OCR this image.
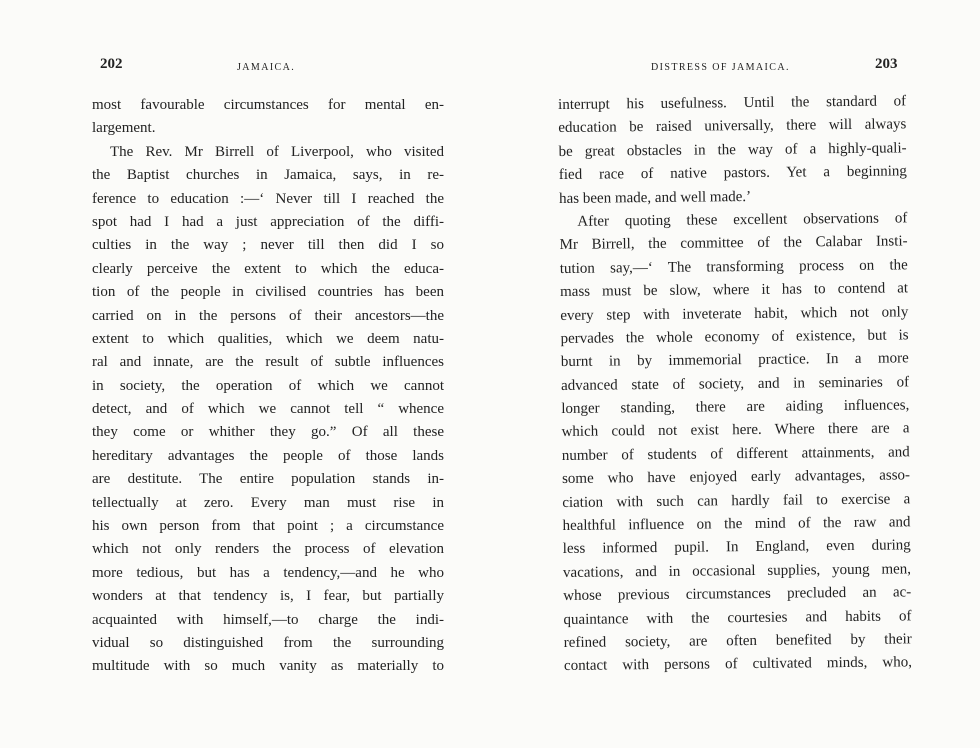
202	JAMAICA.
most favourable circumstances for mental en-
largement.
The Rev. Mr Birrell of Liverpool, who visited
the Baptist churches in Jamaica, says, in re-
ference to education :—‘ Never till I reached the
spot had I had a just appreciation of the diffi-
culties in the way ; never till then did I so
clearly perceive the extent to which the educa-
tion of the people in civilised countries has been
carried on in the persons of their ancestors—the
extent to which qualities, which we deem natu-
ral and innate, are the result of subtle influences
in society, the operation of which we cannot
detect, and of which we cannot tell “ whence
they come or whither they go.” Of all these
hereditary advantages the people of those lands
are destitute. The entire population stands in-
tellectually at zero. Every man must rise in
his own person from that point ; a circumstance
which not only renders the process of elevation
more tedious, but has a tendency,—and he who
wonders at that tendency is, I fear, but partially
acquainted with himself,—to charge the indi-
vidual so distinguished from the surrounding
multitude with so much vanity as materially to
DISTRESS OF JAMAICA.	203
interrupt his usefulness. Until the standard of
education be raised universally, there will always
be great obstacles in the way of a highly-quali-
fied race of native pastors. Yet a beginning
has been made, and well made.’
After quoting these excellent observations of
Mr Birrell, the committee of the Calabar Insti-
tution say,—‘ The transforming process on the
mass must be slow, where it has to contend at
every step with inveterate habit, which not only
pervades the whole economy of existence, but is
burnt in by immemorial practice. In a more
advanced state of society, and in seminaries of
longer standing, there are aiding influences,
which could not exist here. Where there are a
number of students of different attainments, and
some who have enjoyed early advantages, asso-
ciation with such can hardly fail to exercise a
healthful influence on the mind of the raw and
less informed pupil. In England, even during
vacations, and in occasional supplies, young men,
whose previous circumstances precluded an ac-
quaintance with the courtesies and habits of
refined society, are often benefited by their
contact with persons of cultivated minds, who,
